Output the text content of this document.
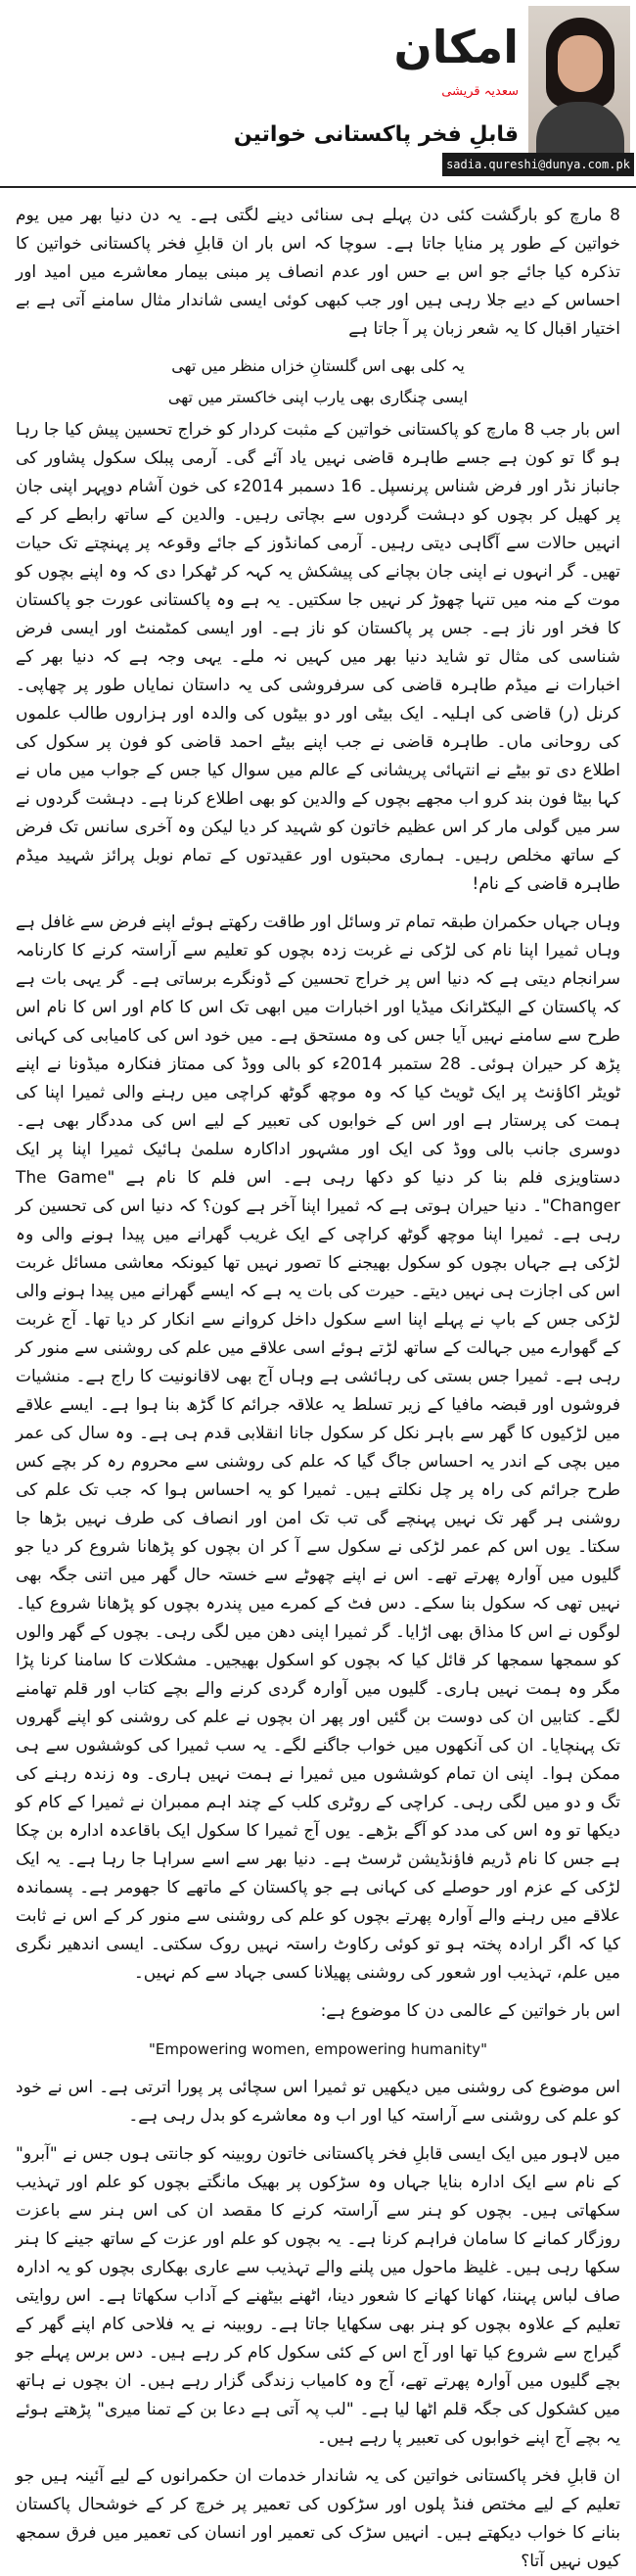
امکان
سعدیہ قریشی
قابلِ فخر پاکستانی خواتین
sadia.qureshi@dunya.com.pk

8 مارچ کو بارگشت کئی دن پہلے ہی سنائی دینے لگتی ہے۔ یہ دن دنیا بھر میں یوم خواتین کے طور پر منایا جاتا ہے۔ سوچا کہ اس بار ان قابلِ فخر پاکستانی خواتین کا تذکرہ کیا جائے جو اس بے حس اور عدم انصاف پر مبنی بیمار معاشرے میں امید اور احساس کے دیے جلا رہی ہیں اور جب کبھی کوئی ایسی شاندار مثال سامنے آتی ہے بے اختیار اقبال کا یہ شعر زبان پر آ جاتا ہے

یہ کلی بھی اس گلستانِ خزاں منظر میں تھی
ایسی چنگاری بھی یارب اپنی خاکستر میں تھی

اس بار جب 8 مارچ کو پاکستانی خواتین کے مثبت کردار کو خراج تحسین پیش کیا جا رہا ہو گا تو کون ہے جسے طاہرہ قاضی نہیں یاد آئے گی۔ آرمی پبلک سکول پشاور کی جانباز نڈر اور فرض شناس پرنسپل۔ 16 دسمبر 2014ء کی خون آشام دوپہر اپنی جان پر کھیل کر بچوں کو دہشت گردوں سے بچاتی رہیں۔ والدین کے ساتھ رابطے کر کے انہیں حالات سے آگاہی دیتی رہیں۔ آرمی کمانڈوز کے جائے وقوعہ پر پہنچتے تک حیات تھیں۔ گر انہوں نے اپنی جان بچانے کی پیشکش یہ کہہ کر ٹھکرا دی کہ وہ اپنے بچوں کو موت کے منہ میں تنہا چھوڑ کر نہیں جا سکتیں۔ یہ ہے وہ پاکستانی عورت جو پاکستان کا فخر اور ناز ہے۔ جس پر پاکستان کو ناز ہے۔ اور ایسی کمٹمنٹ اور ایسی فرض شناسی کی مثال تو شاید دنیا بھر میں کہیں نہ ملے۔ یہی وجہ ہے کہ دنیا بھر کے اخبارات نے میڈم طاہرہ قاضی کی سرفروشی کی یہ داستان نمایاں طور پر چھاپی۔ کرنل (ر) قاضی کی اہلیہ۔ ایک بیٹی اور دو بیٹوں کی والدہ اور ہزاروں طالب علموں کی روحانی ماں۔ طاہرہ قاضی نے جب اپنے بیٹے احمد قاضی کو فون پر سکول کی اطلاع دی تو بیٹے نے انتہائی پریشانی کے عالم میں سوال کیا جس کے جواب میں ماں نے کہا بیٹا فون بند کرو اب مجھے بچوں کے والدین کو بھی اطلاع کرنا ہے۔ دہشت گردوں نے سر میں گولی مار کر اس عظیم خاتون کو شہید کر دیا لیکن وہ آخری سانس تک فرض کے ساتھ مخلص رہیں۔ ہماری محبتوں اور عقیدتوں کے تمام نوبل پرائز شہید میڈم طاہرہ قاضی کے نام!

وہاں جہاں حکمران طبقہ تمام تر وسائل اور طاقت رکھتے ہوئے اپنے فرض سے غافل ہے وہاں ثمیرا اپنا نام کی لڑکی نے غربت زدہ بچوں کو تعلیم سے آراستہ کرنے کا کارنامہ سرانجام دیتی ہے کہ دنیا اس پر خراج تحسین کے ڈونگرے برساتی ہے۔ گر یہی بات ہے کہ پاکستان کے الیکٹرانک میڈیا اور اخبارات میں ابھی تک اس کا کام اور اس کا نام اس طرح سے سامنے نہیں آیا جس کی وہ مستحق ہے۔ میں خود اس کی کامیابی کی کہانی پڑھ کر حیران ہوئی۔ 28 ستمبر 2014ء کو بالی ووڈ کی ممتاز فنکارہ میڈونا نے اپنے ٹویٹر اکاؤنٹ پر ایک ٹویٹ کیا کہ وہ موچھ گوٹھ کراچی میں رہنے والی ثمیرا اپنا کی ہمت کی پرستار ہے اور اس کے خوابوں کی تعبیر کے لیے اس کی مددگار بھی ہے۔ دوسری جانب بالی ووڈ کی ایک اور مشہور اداکارہ سلمیٰ ہائیک ثمیرا اپنا پر ایک دستاویزی فلم بنا کر دنیا کو دکھا رہی ہے۔ اس فلم کا نام ہے "The Game Changer"۔ دنیا حیران ہوتی ہے کہ ثمیرا اپنا آخر ہے کون؟ کہ دنیا اس کی تحسین کر رہی ہے۔ ثمیرا اپنا موچھ گوٹھ کراچی کے ایک غریب گھرانے میں پیدا ہونے والی وہ لڑکی ہے جہاں بچوں کو سکول بھیجنے کا تصور نہیں تھا کیونکہ معاشی مسائل غربت اس کی اجازت ہی نہیں دیتے۔ حیرت کی بات یہ ہے کہ ایسے گھرانے میں پیدا ہونے والی لڑکی جس کے باپ نے پہلے اپنا اسے سکول داخل کروانے سے انکار کر دیا تھا۔ آج غربت کے گھوارے میں جہالت کے ساتھ لڑتے ہوئے اسی علاقے میں علم کی روشنی سے منور کر رہی ہے۔ ثمیرا جس بستی کی رہائشی ہے وہاں آج بھی لاقانونیت کا راج ہے۔ منشیات فروشوں اور قبضہ مافیا کے زیر تسلط یہ علاقہ جرائم کا گڑھ بنا ہوا ہے۔ ایسے علاقے میں لڑکیوں کا گھر سے باہر نکل کر سکول جانا انقلابی قدم ہی ہے۔ وہ سال کی عمر میں بچی کے اندر یہ احساس جاگ گیا کہ علم کی روشنی سے محروم رہ کر بچے کس طرح جرائم کی راہ پر چل نکلتے ہیں۔ ثمیرا کو یہ احساس ہوا کہ جب تک علم کی روشنی ہر گھر تک نہیں پہنچے گی تب تک امن اور انصاف کی طرف نہیں بڑھا جا سکتا۔ یوں اس کم عمر لڑکی نے سکول سے آ کر ان بچوں کو پڑھانا شروع کر دیا جو گلیوں میں آوارہ پھرتے تھے۔ اس نے اپنے چھوٹے سے خستہ حال گھر میں اتنی جگہ بھی نہیں تھی کہ سکول بنا سکے۔ دس فٹ کے کمرے میں پندرہ بچوں کو پڑھانا شروع کیا۔ لوگوں نے اس کا مذاق بھی اڑایا۔ گر ثمیرا اپنی دھن میں لگی رہی۔ بچوں کے گھر والوں کو سمجھا سمجھا کر قائل کیا کہ بچوں کو اسکول بھیجیں۔ مشکلات کا سامنا کرنا پڑا مگر وہ ہمت نہیں ہاری۔ گلیوں میں آوارہ گردی کرنے والے بچے کتاب اور قلم تھامنے لگے۔ کتابیں ان کی دوست بن گئیں اور پھر ان بچوں نے علم کی روشنی کو اپنے گھروں تک پہنچایا۔ ان کی آنکھوں میں خواب جاگنے لگے۔ یہ سب ثمیرا کی کوششوں سے ہی ممکن ہوا۔ اپنی ان تمام کوششوں میں ثمیرا نے ہمت نہیں ہاری۔ وہ زندہ رہنے کی تگ و دو میں لگی رہی۔ کراچی کے روٹری کلب کے چند اہم ممبران نے ثمیرا کے کام کو دیکھا تو وہ اس کی مدد کو آگے بڑھے۔ یوں آج ثمیرا کا سکول ایک باقاعدہ ادارہ بن چکا ہے جس کا نام ڈریم فاؤنڈیشن ٹرسٹ ہے۔ دنیا بھر سے اسے سراہا جا رہا ہے۔ یہ ایک لڑکی کے عزم اور حوصلے کی کہانی ہے جو پاکستان کے ماتھے کا جھومر ہے۔ پسماندہ علاقے میں رہنے والے آوارہ پھرتے بچوں کو علم کی روشنی سے منور کر کے اس نے ثابت کیا کہ اگر ارادہ پختہ ہو تو کوئی رکاوٹ راستہ نہیں روک سکتی۔ ایسی اندھیر نگری میں علم، تہذیب اور شعور کی روشنی پھیلانا کسی جہاد سے کم نہیں۔

اس بار خواتین کے عالمی دن کا موضوع ہے:

"Empowering women, empowering humanity"

اس موضوع کی روشنی میں دیکھیں تو ثمیرا اس سچائی پر پورا اترتی ہے۔ اس نے خود کو علم کی روشنی سے آراستہ کیا اور اب وہ معاشرے کو بدل رہی ہے۔

میں لاہور میں ایک ایسی قابلِ فخر پاکستانی خاتون روبینہ کو جانتی ہوں جس نے "آبرو" کے نام سے ایک ادارہ بنایا جہاں وہ سڑکوں پر بھیک مانگتے بچوں کو علم اور تہذیب سکھاتی ہیں۔ بچوں کو ہنر سے آراستہ کرنے کا مقصد ان کی اس ہنر سے باعزت روزگار کمانے کا سامان فراہم کرنا ہے۔ یہ بچوں کو علم اور عزت کے ساتھ جینے کا ہنر سکھا رہی ہیں۔ غلیظ ماحول میں پلنے والے تہذیب سے عاری بھکاری بچوں کو یہ ادارہ صاف لباس پہننا، کھانا کھانے کا شعور دینا، اٹھنے بیٹھنے کے آداب سکھاتا ہے۔ اس روایتی تعلیم کے علاوہ بچوں کو ہنر بھی سکھایا جاتا ہے۔ روبینہ نے یہ فلاحی کام اپنے گھر کے گیراج سے شروع کیا تھا اور آج اس کے کئی سکول کام کر رہے ہیں۔ دس برس پہلے جو بچے گلیوں میں آوارہ پھرتے تھے، آج وہ کامیاب زندگی گزار رہے ہیں۔ ان بچوں نے ہاتھ میں کشکول کی جگہ قلم اٹھا لیا ہے۔ "لب پہ آتی ہے دعا بن کے تمنا میری" پڑھتے ہوئے یہ بچے آج اپنے خوابوں کی تعبیر پا رہے ہیں۔

ان قابلِ فخر پاکستانی خواتین کی یہ شاندار خدمات ان حکمرانوں کے لیے آئینہ ہیں جو تعلیم کے لیے مختص فنڈ پلوں اور سڑکوں کی تعمیر پر خرچ کر کے خوشحال پاکستان بنانے کا خواب دیکھتے ہیں۔ انہیں سڑک کی تعمیر اور انسان کی تعمیر میں فرق سمجھ کیوں نہیں آتا؟
